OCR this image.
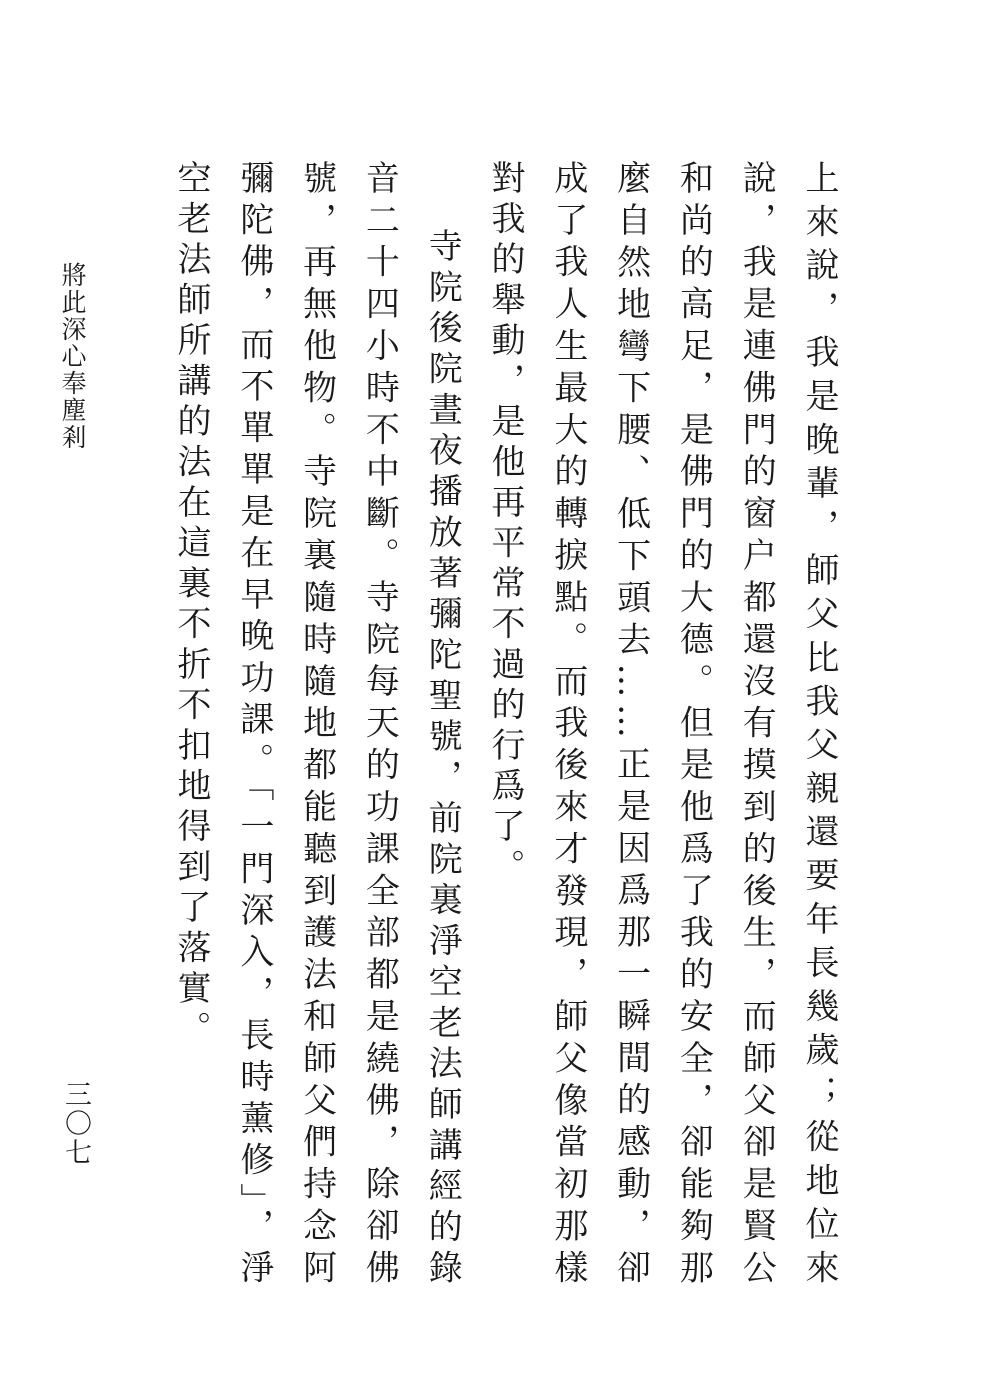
上來說，我是晚輩，師父比我父親還要年長幾歲；從地位來說，我是連佛門的窗户都還沒有摸到的後生，而師父卻是賢公和尚的高足，是佛門的大德。但是他爲了我的安全，卻能夠那麼自然地彎下腰、低下頭去……正是因爲那一瞬間的感動，卻成了我人生最大的轉捩點。而我後來才發現，師父像當初那樣對我的舉動，是他再平常不過的行爲了。

寺院後院晝夜播放著彌陀聖號，前院裏淨空老法師講經的錄音二十四小時不中斷。寺院每天的功課全部都是繞佛，除卻佛號，再無他物。寺院裏隨時隨地都能聽到護法和師父們持念阿彌陀佛，而不單單是在早晚功課。「一門深入，長時薰修」，淨空老法師所講的法在這裏不折不扣地得到了落實。

將此深心奉塵剎
三〇七
